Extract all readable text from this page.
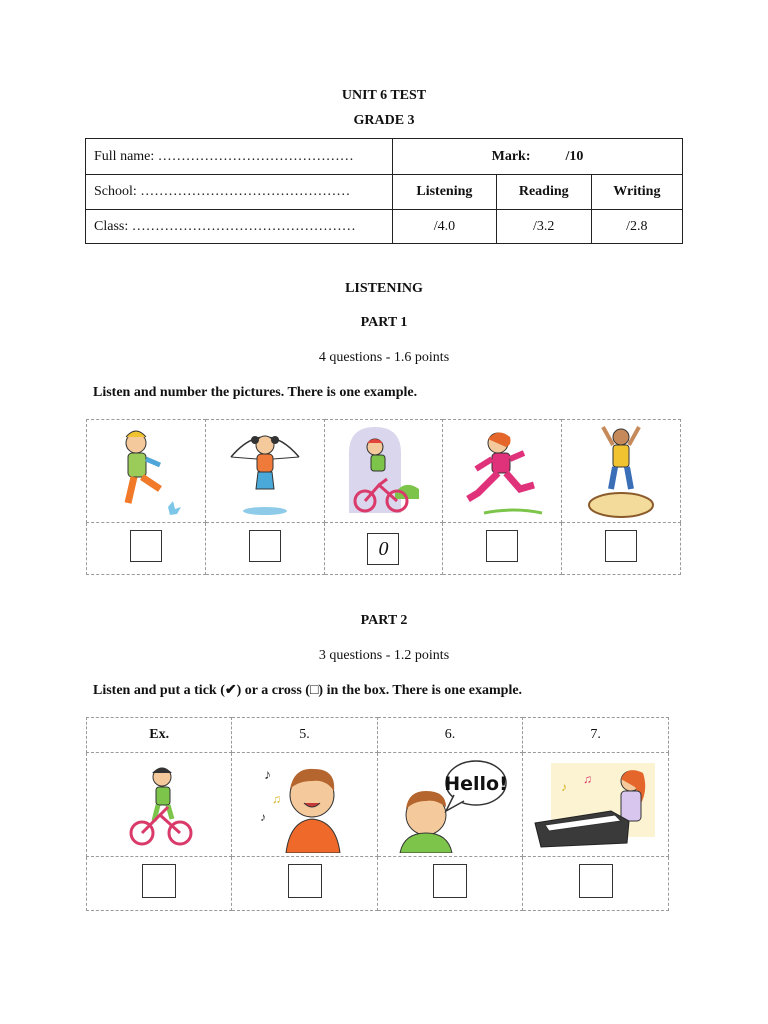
UNIT 6 TEST
GRADE 3
Full name: ……………………………………	Mark: /10		
School: ………………………………………	Listening	Reading	Writing
Class: …………………………………………	/4.0	/3.2	/2.8
LISTENING
PART 1
4 questions - 1.6 points
Listen and number the pictures. There is one example.

		0		
PART 2
3 questions - 1.2 points
Listen and put a tick (✔) or a cross (□) in the box. There is one example.
Ex.	5.	6.	7.

♪
♫
♪	Hello!	♪
♫
